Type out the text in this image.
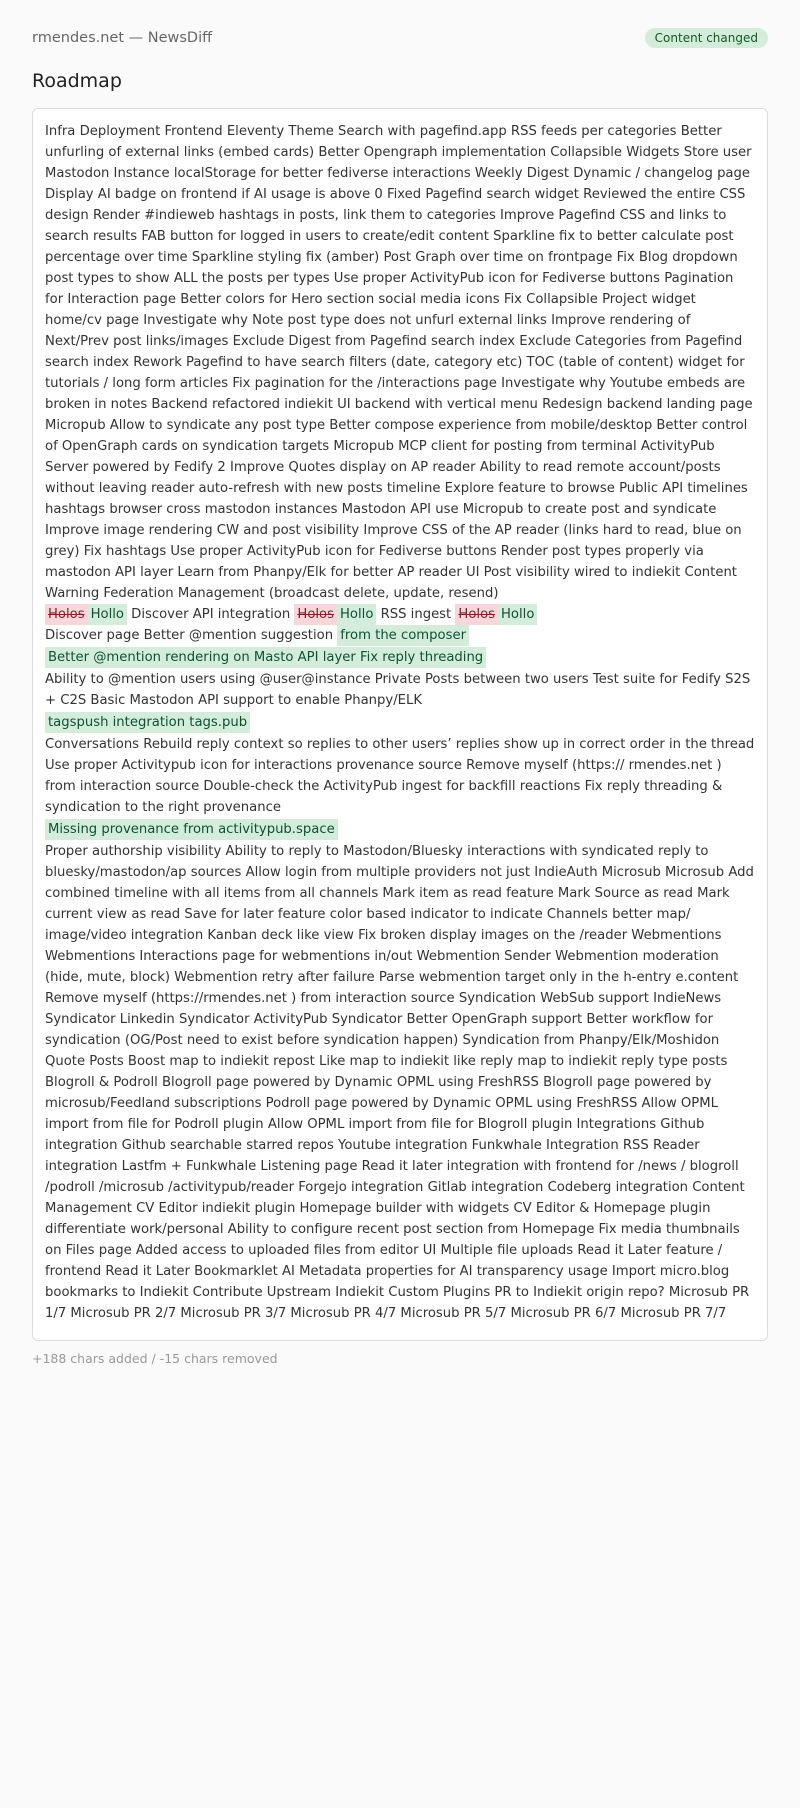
rmendes.net — NewsDiff	Content changed
Roadmap

Infra Deployment Frontend Eleventy Theme Search with pagefind.app RSS feeds per categories Better unfurling of external links (embed cards) Better Opengraph implementation Collapsible Widgets Store user Mastodon Instance localStorage for better fediverse interactions Weekly Digest Dynamic / changelog page Display AI badge on frontend if AI usage is above 0 Fixed Pagefind search widget Reviewed the entire CSS design Render #indieweb hashtags in posts, link them to categories Improve Pagefind CSS and links to search results FAB button for logged in users to create/edit content Sparkline fix to better calculate post percentage over time Sparkline styling fix (amber) Post Graph over time on frontpage Fix Blog dropdown post types to show ALL the posts per types Use proper ActivityPub icon for Fediverse buttons Pagination for Interaction page Better colors for Hero section social media icons Fix Collapsible Project widget home/cv page Investigate why Note post type does not unfurl external links Improve rendering of Next/Prev post links/images Exclude Digest from Pagefind search index Exclude Categories from Pagefind search index Rework Pagefind to have search filters (date, category etc) TOC (table of content) widget for tutorials / long form articles Fix pagination for the /interactions page Investigate why Youtube embeds are broken in notes Backend refactored indiekit UI backend with vertical menu Redesign backend landing page Micropub Allow to syndicate any post type Better compose experience from mobile/desktop Better control of OpenGraph cards on syndication targets Micropub MCP client for posting from terminal ActivityPub Server powered by Fedify 2 Improve Quotes display on AP reader Ability to read remote account/posts without leaving reader auto-refresh with new posts timeline Explore feature to browse Public API timelines hashtags browser cross mastodon instances Mastodon API use Micropub to create post and syndicate Improve image rendering CW and post visibility Improve CSS of the AP reader (links hard to read, blue on grey) Fix hashtags Use proper ActivityPub icon for Fediverse buttons Render post types properly via mastodon API layer Learn from Phanpy/Elk for better AP reader UI Post visibility wired to indiekit Content Warning Federation Management (broadcast delete, update, resend)

Holos Hollo Discover API integration Holos Hollo RSS ingest Holos Hollo
Discover page Better @mention suggestion from the composer
Better @mention rendering on Masto API layer Fix reply threading

Ability to @mention users using @user@instance Private Posts between two users Test suite for Fedify S2S + C2S Basic Mastodon API support to enable Phanpy/ELK

tagspush integration tags.pub

Conversations Rebuild reply context so replies to other users’ replies show up in correct order in the thread Use proper Activitypub icon for interactions provenance source Remove myself (https:// rmendes.net ) from interaction source Double-check the ActivityPub ingest for backfill reactions Fix reply threading & syndication to the right provenance

Missing provenance from activitypub.space

Proper authorship visibility Ability to reply to Mastodon/Bluesky interactions with syndicated reply to bluesky/mastodon/ap sources Allow login from multiple providers not just IndieAuth Microsub Microsub Add combined timeline with all items from all channels Mark item as read feature Mark Source as read Mark current view as read Save for later feature color based indicator to indicate Channels better map/ image/video integration Kanban deck like view Fix broken display images on the /reader Webmentions Webmentions Interactions page for webmentions in/out Webmention Sender Webmention moderation (hide, mute, block) Webmention retry after failure Parse webmention target only in the h-entry e.content Remove myself (https://rmendes.net ) from interaction source Syndication WebSub support IndieNews Syndicator Linkedin Syndicator ActivityPub Syndicator Better OpenGraph support Better workflow for syndication (OG/Post need to exist before syndication happen) Syndication from Phanpy/Elk/Moshidon Quote Posts Boost map to indiekit repost Like map to indiekit like reply map to indiekit reply type posts Blogroll & Podroll Blogroll page powered by Dynamic OPML using FreshRSS Blogroll page powered by microsub/Feedland subscriptions Podroll page powered by Dynamic OPML using FreshRSS Allow OPML import from file for Podroll plugin Allow OPML import from file for Blogroll plugin Integrations Github integration Github searchable starred repos Youtube integration Funkwhale Integration RSS Reader integration Lastfm + Funkwhale Listening page Read it later integration with frontend for /news / blogroll /podroll /microsub /activitypub/reader Forgejo integration Gitlab integration Codeberg integration Content Management CV Editor indiekit plugin Homepage builder with widgets CV Editor & Homepage plugin differentiate work/personal Ability to configure recent post section from Homepage Fix media thumbnails on Files page Added access to uploaded files from editor UI Multiple file uploads Read it Later feature / frontend Read it Later Bookmarklet AI Metadata properties for AI transparency usage Import micro.blog bookmarks to Indiekit Contribute Upstream Indiekit Custom Plugins PR to Indiekit origin repo? Microsub PR 1/7 Microsub PR 2/7 Microsub PR 3/7 Microsub PR 4/7 Microsub PR 5/7 Microsub PR 6/7 Microsub PR 7/7

+188 chars added / -15 chars removed
